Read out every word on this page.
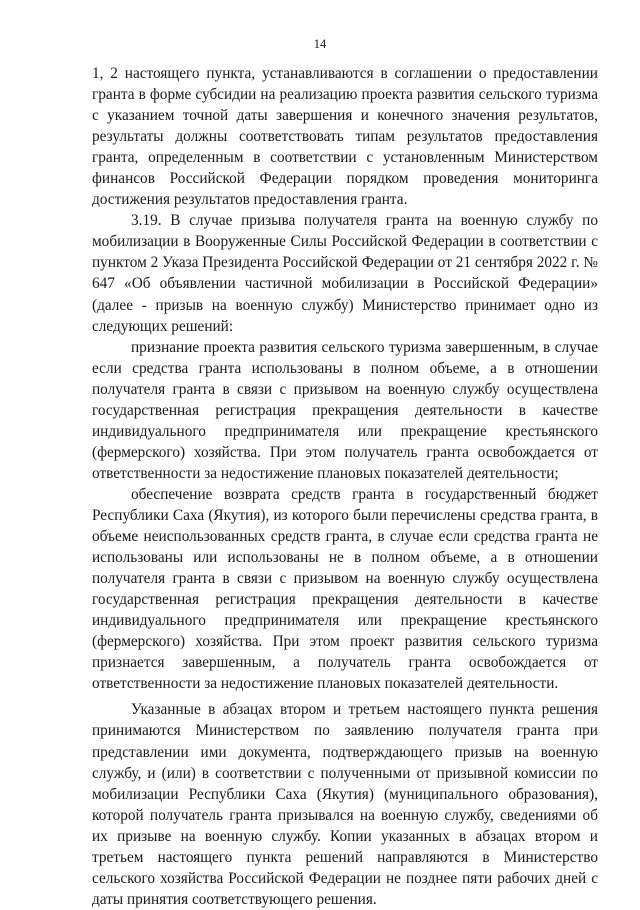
14

1, 2 настоящего пункта, устанавливаются в соглашении о предоставлении гранта в форме субсидии на реализацию проекта развития сельского туризма с указанием точной даты завершения и конечного значения результатов, результаты должны соответствовать типам результатов предоставления гранта, определенным в соответствии с установленным Министерством финансов Российской Федерации порядком проведения мониторинга достижения результатов предоставления гранта.

3.19. В случае призыва получателя гранта на военную службу по мобилизации в Вооруженные Силы Российской Федерации в соответствии с пунктом 2 Указа Президента Российской Федерации от 21 сентября 2022 г. № 647 «Об объявлении частичной мобилизации в Российской Федерации» (далее - призыв на военную службу) Министерство принимает одно из следующих решений:

признание проекта развития сельского туризма завершенным, в случае если средства гранта использованы в полном объеме, а в отношении получателя гранта в связи с призывом на военную службу осуществлена государственная регистрация прекращения деятельности в качестве индивидуального предпринимателя или прекращение крестьянского (фермерского) хозяйства. При этом получатель гранта освобождается от ответственности за недостижение плановых показателей деятельности;

обеспечение возврата средств гранта в государственный бюджет Республики Саха (Якутия), из которого были перечислены средства гранта, в объеме неиспользованных средств гранта, в случае если средства гранта не использованы или использованы не в полном объеме, а в отношении получателя гранта в связи с призывом на военную службу осуществлена государственная регистрация прекращения деятельности в качестве индивидуального предпринимателя или прекращение крестьянского (фермерского) хозяйства. При этом проект развития сельского туризма признается завершенным, а получатель гранта освобождается от ответственности за недостижение плановых показателей деятельности.

Указанные в абзацах втором и третьем настоящего пункта решения принимаются Министерством по заявлению получателя гранта при представлении ими документа, подтверждающего призыв на военную службу, и (или) в соответствии с полученными от призывной комиссии по мобилизации Республики Саха (Якутия) (муниципального образования), которой получатель гранта призывался на военную службу, сведениями об их призыве на военную службу. Копии указанных в абзацах втором и третьем настоящего пункта решений направляются в Министерство сельского хозяйства Российской Федерации не позднее пяти рабочих дней с даты принятия соответствующего решения.
